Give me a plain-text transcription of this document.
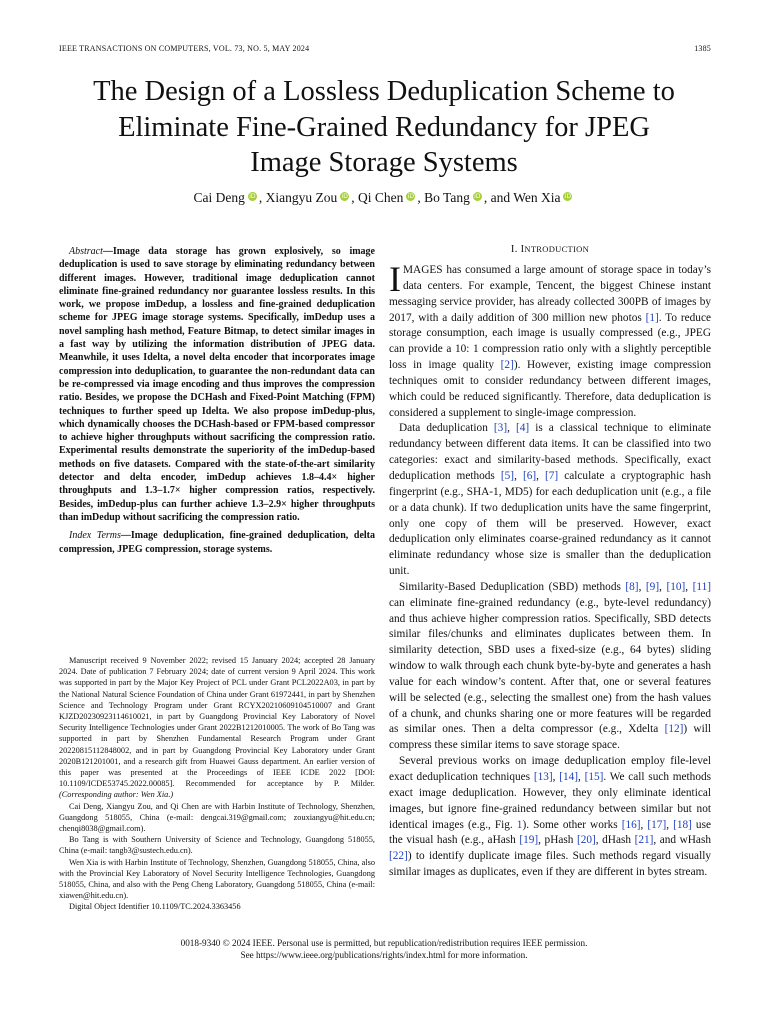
IEEE TRANSACTIONS ON COMPUTERS, VOL. 73, NO. 5, MAY 2024	1385
The Design of a Lossless Deduplication Scheme to
Eliminate Fine-Grained Redundancy for JPEG
Image Storage Systems
Cai Deng iD , Xiangyu Zou iD , Qi Chen iD , Bo Tang iD , and Wen Xia iD

Abstract—Image data storage has grown explosively, so image deduplication is used to save storage by eliminating redundancy between different images. However, traditional image deduplication cannot eliminate fine-grained redundancy nor guarantee lossless results. In this work, we propose imDedup, a lossless and fine-grained deduplication scheme for JPEG image storage systems. Specifically, imDedup uses a novel sampling hash method, Feature Bitmap, to detect similar images in a fast way by utilizing the information distribution of JPEG data. Meanwhile, it uses Idelta, a novel delta encoder that incorporates image compression into deduplication, to guarantee the non-redundant data can be re-compressed via image encoding and thus improves the compression ratio. Besides, we propose the DCHash and Fixed-Point Matching (FPM) techniques to further speed up Idelta. We also propose imDedup-plus, which dynamically chooses the DCHash-based or FPM-based compressor to achieve higher throughputs without sacrificing the compression ratio. Experimental results demonstrate the superiority of the imDedup-based methods on five datasets. Compared with the state-of-the-art similarity detector and delta encoder, imDedup achieves 1.8–4.4× higher throughputs and 1.3–1.7× higher compression ratios, respectively. Besides, imDedup-plus can further achieve 1.3–2.9× higher throughputs than imDedup without sacrificing the compression ratio.

Index Terms—Image deduplication, fine-grained deduplication, delta compression, JPEG compression, storage systems.

Manuscript received 9 November 2022; revised 15 January 2024; accepted 28 January 2024. Date of publication 7 February 2024; date of current version 9 April 2024. This work was supported in part by the Major Key Project of PCL under Grant PCL2022A03, in part by the National Natural Science Foundation of China under Grant 61972441, in part by Shenzhen Science and Technology Program under Grant RCYX20210609104510007 and Grant KJZD20230923114610021, in part by Guangdong Provincial Key Laboratory of Novel Security Intelligence Technologies under Grant 2022B1212010005. The work of Bo Tang was supported in part by Shenzhen Fundamental Research Program under Grant 20220815112848002, and in part by Guangdong Provincial Key Laboratory under Grant 2020B121201001, and a research gift from Huawei Gauss department. An earlier version of this paper was presented at the Proceedings of IEEE ICDE 2022 [DOI: 10.1109/ICDE53745.2022.00085]. Recommended for acceptance by P. Milder. (Corresponding author: Wen Xia.)

Cai Deng, Xiangyu Zou, and Qi Chen are with Harbin Institute of Technology, Shenzhen, Guangdong 518055, China (e-mail: dengcai.319@gmail.com; zouxiangyu@hit.edu.cn; chenqi8038@gmail.com).

Bo Tang is with Southern University of Science and Technology, Guangdong 518055, China (e-mail: tangb3@sustech.edu.cn).

Wen Xia is with Harbin Institute of Technology, Shenzhen, Guangdong 518055, China, also with the Provincial Key Laboratory of Novel Security Intelligence Technologies, Guangdong 518055, China, and also with the Peng Cheng Laboratory, Guangdong 518055, China (e-mail: xiawen@hit.edu.cn).

Digital Object Identifier 10.1109/TC.2024.3363456

I. INTRODUCTION

IMAGES has consumed a large amount of storage space in today’s data centers. For example, Tencent, the biggest Chinese instant messaging service provider, has already collected 300PB of images by 2017, with a daily addition of 300 million new photos [1]. To reduce storage consumption, each image is usually compressed (e.g., JPEG can provide a 10: 1 compression ratio only with a slightly perceptible loss in image quality [2]). However, existing image compression techniques omit to consider redundancy between different images, which could be reduced significantly. Therefore, data deduplication is considered a supplement to single-image compression.

Data deduplication [3], [4] is a classical technique to eliminate redundancy between different data items. It can be classified into two categories: exact and similarity-based methods. Specifically, exact deduplication methods [5], [6], [7] calculate a cryptographic hash fingerprint (e.g., SHA-1, MD5) for each deduplication unit (e.g., a file or a data chunk). If two deduplication units have the same fingerprint, only one copy of them will be preserved. However, exact deduplication only eliminates coarse-grained redundancy as it cannot eliminate redundancy whose size is smaller than the deduplication unit.

Similarity-Based Deduplication (SBD) methods [8], [9], [10], [11] can eliminate fine-grained redundancy (e.g., byte-level redundancy) and thus achieve higher compression ratios. Specifically, SBD detects similar files/chunks and eliminates duplicates between them. In similarity detection, SBD uses a fixed-size (e.g., 64 bytes) sliding window to walk through each chunk byte-by-byte and generates a hash value for each window’s content. After that, one or several features will be selected (e.g., selecting the smallest one) from the hash values of a chunk, and chunks sharing one or more features will be regarded as similar ones. Then a delta compressor (e.g., Xdelta [12]) will compress these similar items to save storage space.

Several previous works on image deduplication employ file-level exact deduplication techniques [13], [14], [15]. We call such methods exact image deduplication. However, they only eliminate identical images, but ignore fine-grained redundancy between similar but not identical images (e.g., Fig. 1). Some other works [16], [17], [18] use the visual hash (e.g., aHash [19], pHash [20], dHash [21], and wHash [22]) to identify duplicate image files. Such methods regard visually similar images as duplicates, even if they are different in bytes stream.

0018-9340 © 2024 IEEE. Personal use is permitted, but republication/redistribution requires IEEE permission.
See https://www.ieee.org/publications/rights/index.html for more information.
